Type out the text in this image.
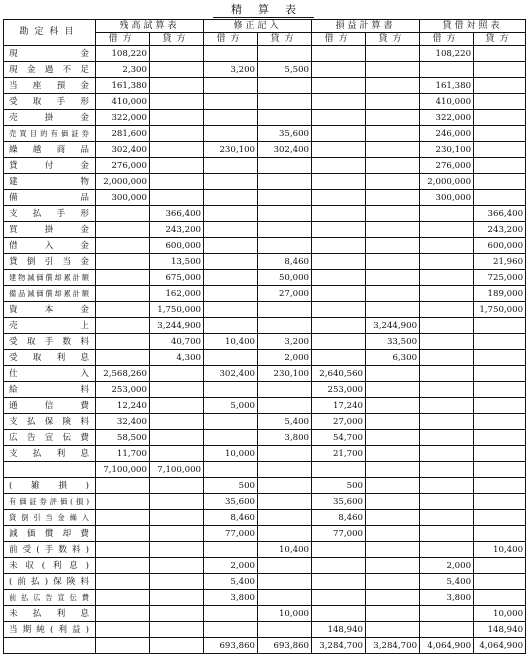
精算表
勘定科目	残高試算表		修正記入		損益計算書		貸借対照表	
	借方	貸方	借方	貸方	借方	貸方	借方	貸方
現金	108,220						108,220	
現金過不足	2,300		3,200	5,500				
当座預金	161,380						161,380	
受取手形	410,000						410,000	
売掛金	322,000						322,000	
売買目的有価証券	281,600			35,600			246,000	
繰越商品	302,400		230,100	302,400			230,100	
貸付金	276,000						276,000	
建物	2,000,000						2,000,000	
備品	300,000						300,000	
支払手形		366,400						366,400
買掛金		243,200						243,200
借入金		600,000						600,000
貸倒引当金		13,500		8,460				21,960
建物減価償却累計額		675,000		50,000				725,000
備品減価償却累計額		162,000		27,000				189,000
資本金		1,750,000						1,750,000
売上		3,244,900				3,244,900		
受取手数料		40,700	10,400	3,200		33,500		
受取利息		4,300		2,000		6,300		
仕入	2,568,260		302,400	230,100	2,640,560			
給料	253,000				253,000			
通信費	12,240		5,000		17,240			
支払保険料	32,400			5,400	27,000			
広告宣伝費	58,500			3,800	54,700			
支払利息	11,700		10,000		21,700			
	7,100,000	7,100,000						
(雑損)			500		500			
有価証券評価(損)			35,600		35,600			
貸倒引当金繰入			8,460		8,460			
減価償却費			77,000		77,000			
前受(手数料)				10,400				10,400
未収(利息)			2,000				2,000	
(前払)保険料			5,400				5,400	
前払広告宣伝費			3,800				3,800	
未払利息				10,000				10,000
当期純(利益)					148,940			148,940
			693,860	693,860	3,284,700	3,284,700	4,064,900	4,064,900
